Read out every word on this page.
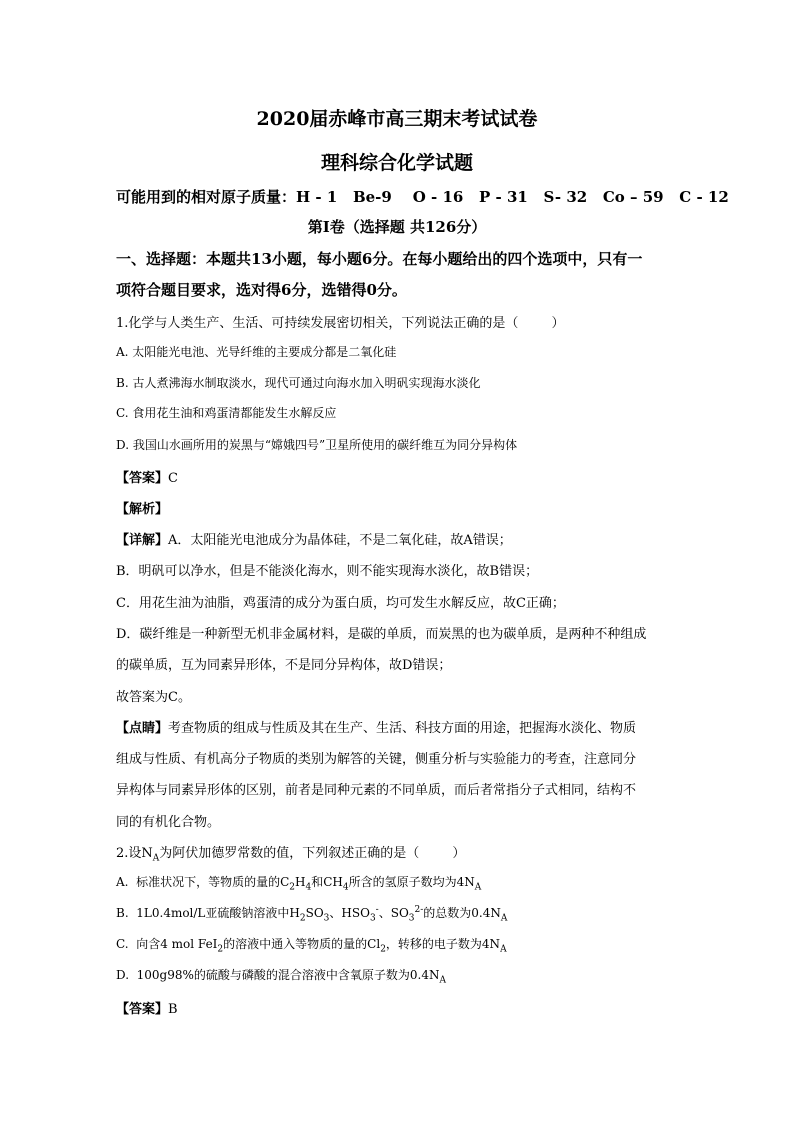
2020届赤峰市高三期末考试试卷
理科综合化学试题
可能用到的相对原子质量：H - 1   Be-9    O - 16   P - 31   S- 32   Co – 59   C - 12
第I卷（选择题 共126分）
一、选择题：本题共13小题，每小题6分。在每小题给出的四个选项中，只有一
项符合题目要求，选对得6分，选错得0分。
1.化学与人类生产、生活、可持续发展密切相关，下列说法正确的是（        ）
A. 太阳能光电池、光导纤维的主要成分都是二氧化硅
B. 古人煮沸海水制取淡水，现代可通过向海水加入明矾实现海水淡化
C. 食用花生油和鸡蛋清都能发生水解反应
D. 我国山水画所用的炭黑与“嫦娥四号”卫星所使用的碳纤维互为同分异构体
【答案】C
【解析】
【详解】A．太阳能光电池成分为晶体硅，不是二氧化硅，故A错误；
B．明矾可以净水，但是不能淡化海水，则不能实现海水淡化，故B错误；
C．用花生油为油脂，鸡蛋清的成分为蛋白质，均可发生水解反应，故C正确；
D．碳纤维是一种新型无机非金属材料，是碳的单质，而炭黑的也为碳单质，是两种不种组成
的碳单质，互为同素异形体，不是同分异构体，故D错误；
故答案为C。
【点睛】考查物质的组成与性质及其在生产、生活、科技方面的用途，把握海水淡化、物质
组成与性质、有机高分子物质的类别为解答的关键，侧重分析与实验能力的考查，注意同分
异构体与同素异形体的区别，前者是同种元素的不同单质，而后者常指分子式相同，结构不
同的有机化合物。
2.设$N_A$为阿伏加德罗常数的值，下列叙述正确的是（        ）
A.  标准状况下，等物质的量的$C_2H_4$和$CH_4$所含的氢原子数均为$4N_A$
B.  1L0.4mol/L亚硫酸钠溶液中$H_2SO_3$、$HSO_3^-$、$SO_3^{2-}$的总数为$0.4N_A$
C.  向含4 mol FeI$_2$的溶液中通入等物质的量的$Cl_2$，转移的电子数为$4N_A$
D.  100g98%的硫酸与磷酸的混合溶液中含氧原子数为$0.4N_A$
【答案】B
